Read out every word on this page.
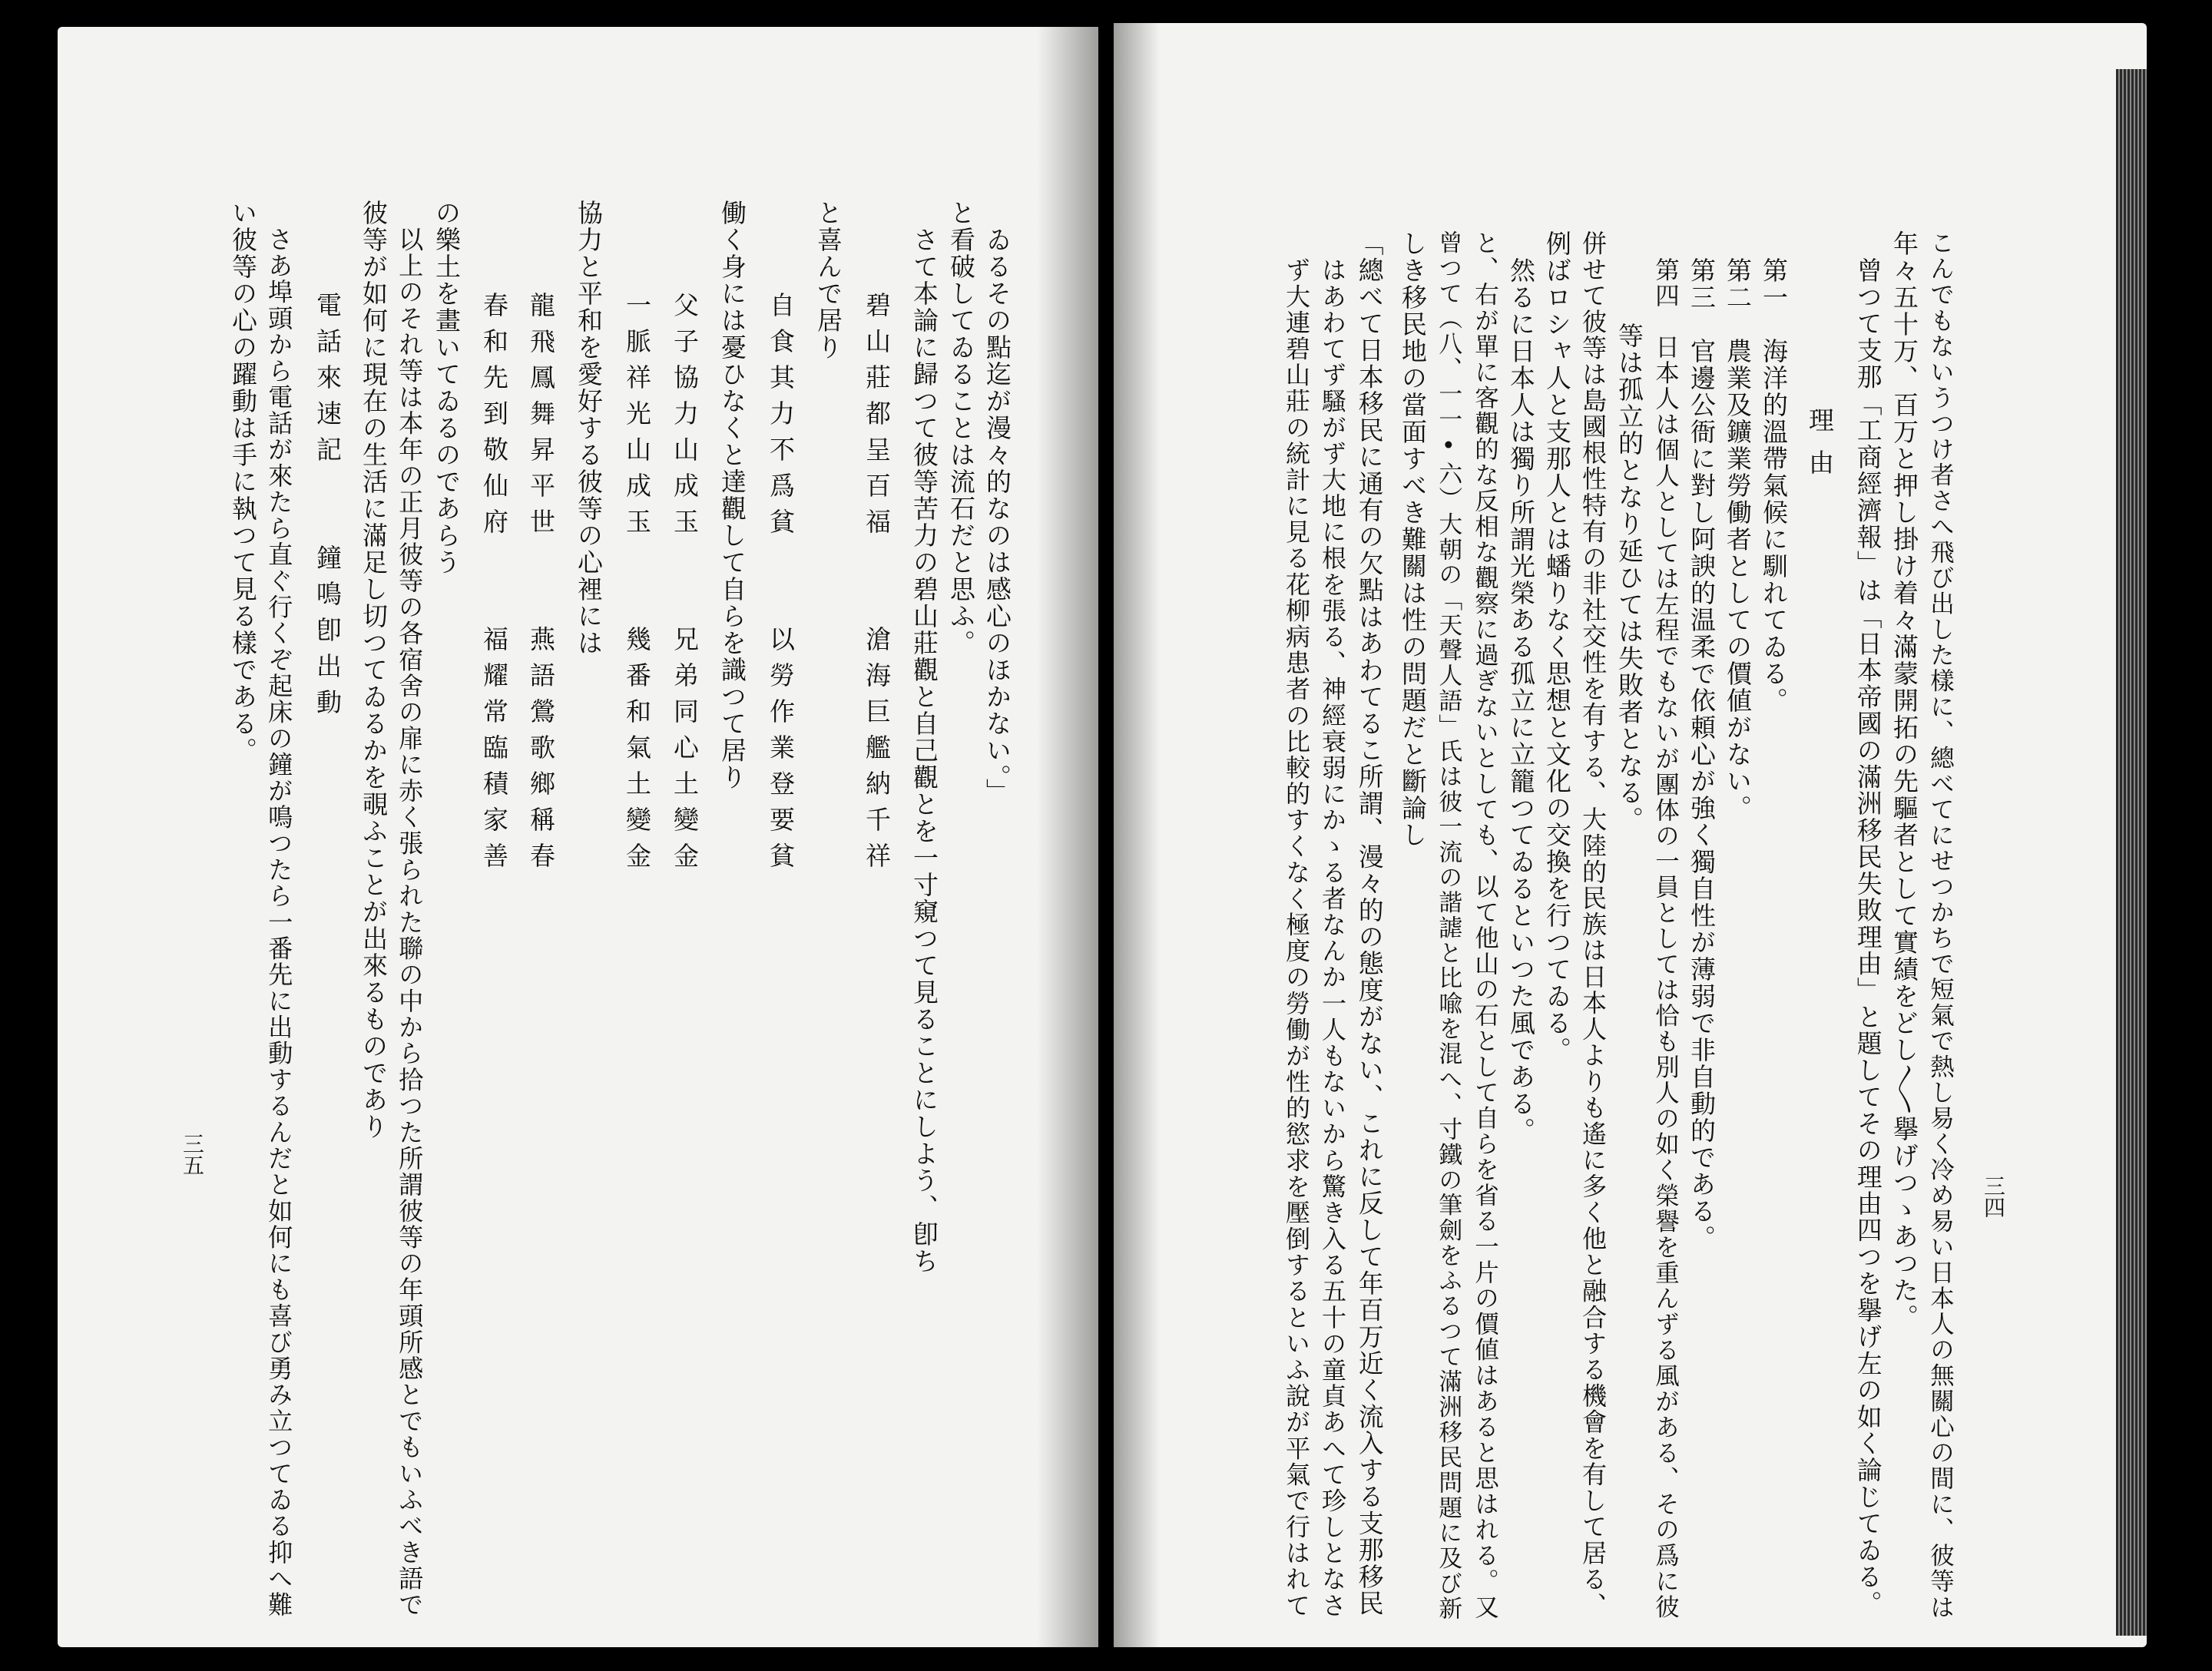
ゐるその點迄が漫々的なのは感心のほかない。」
と看破してゐることは流石だと思ふ。
さて本論に歸つて彼等苦力の碧山莊觀と自己觀とを一寸窺つて見ることにしよう、卽ち
碧山莊都呈百福
滄海巨艦納千祥
と喜んで居り
自食其力不爲貧
以勞作業登要貧
働く身には憂ひなくと達觀して自らを識つて居り
父子協力山成玉
兄弟同心土變金
一脈祥光山成玉
幾番和氣土變金
協力と平和を愛好する彼等の心裡には
龍飛鳳舞昇平世
燕語鶯歌鄉稱春
春和先到敬仙府
福耀常臨積家善
の樂土を畫いてゐるのであらう
以上のそれ等は本年の正月彼等の各宿舍の扉に赤く張られた聯の中から拾つた所謂彼等の年頭所感とでもいふべき語で
彼等が如何に現在の生活に滿足し切つてゐるかを覗ふことが出來るものであり
電話來速記　　鐘鳴卽出動
さあ埠頭から電話が來たら直ぐ行くぞ起床の鐘が鳴つたら一番先に出動するんだと如何にも喜び勇み立つてゐる抑へ難
い彼等の心の躍動は手に執つて見る樣である。
三五
三四
こんでもないうつけ者さへ飛び出した樣に、總べてにせつかちで短氣で熱し易く冷め易い日本人の無關心の間に、彼等は
年々五十万、百万と押し掛け着々滿蒙開拓の先驅者として實績をどし〳〵擧げつゝあつた。
曾つて支那「工商經濟報」は「日本帝國の滿洲移民失敗理由」と題してその理由四つを擧げ左の如く論じてゐる。
理由
第一　海洋的溫帶氣候に馴れてゐる。
第二　農業及鑛業勞働者としての價値がない。
第三　官邊公衙に對し阿諛的温柔で依頼心が強く獨自性が薄弱で非自動的である。
第四　日本人は個人としては左程でもないが團体の一員としては恰も別人の如く榮譽を重んずる風がある、その爲に彼
等は孤立的となり延ひては失敗者となる。
併せて彼等は島國根性特有の非社交性を有する、大陸的民族は日本人よりも遙に多く他と融合する機會を有して居る、
例ばロシャ人と支那人とは蟠りなく思想と文化の交換を行つてゐる。
然るに日本人は獨り所謂光榮ある孤立に立籠つてゐるといつた風である。
と、右が單に客觀的な反相な觀察に過ぎないとしても、以て他山の石として自らを省る一片の價値はあると思はれる。又
曾つて（八、一一•六）大朝の「天聲人語」氏は彼一流の諧謔と比喩を混へ、寸鐵の筆劍をふるつて滿洲移民問題に及び新
しき移民地の當面すべき難關は性の問題だと斷論し
「總べて日本移民に通有の欠點はあわてるこ所謂、漫々的の態度がない、これに反して年百万近く流入する支那移民
はあわてず騷がず大地に根を張る、神經衰弱にかゝる者なんか一人もないから驚き入る五十の童貞あへて珍しとなさ
ず大連碧山莊の統計に見る花柳病患者の比較的すくなく極度の勞働が性的慾求を壓倒するといふ說が平氣で行はれて
